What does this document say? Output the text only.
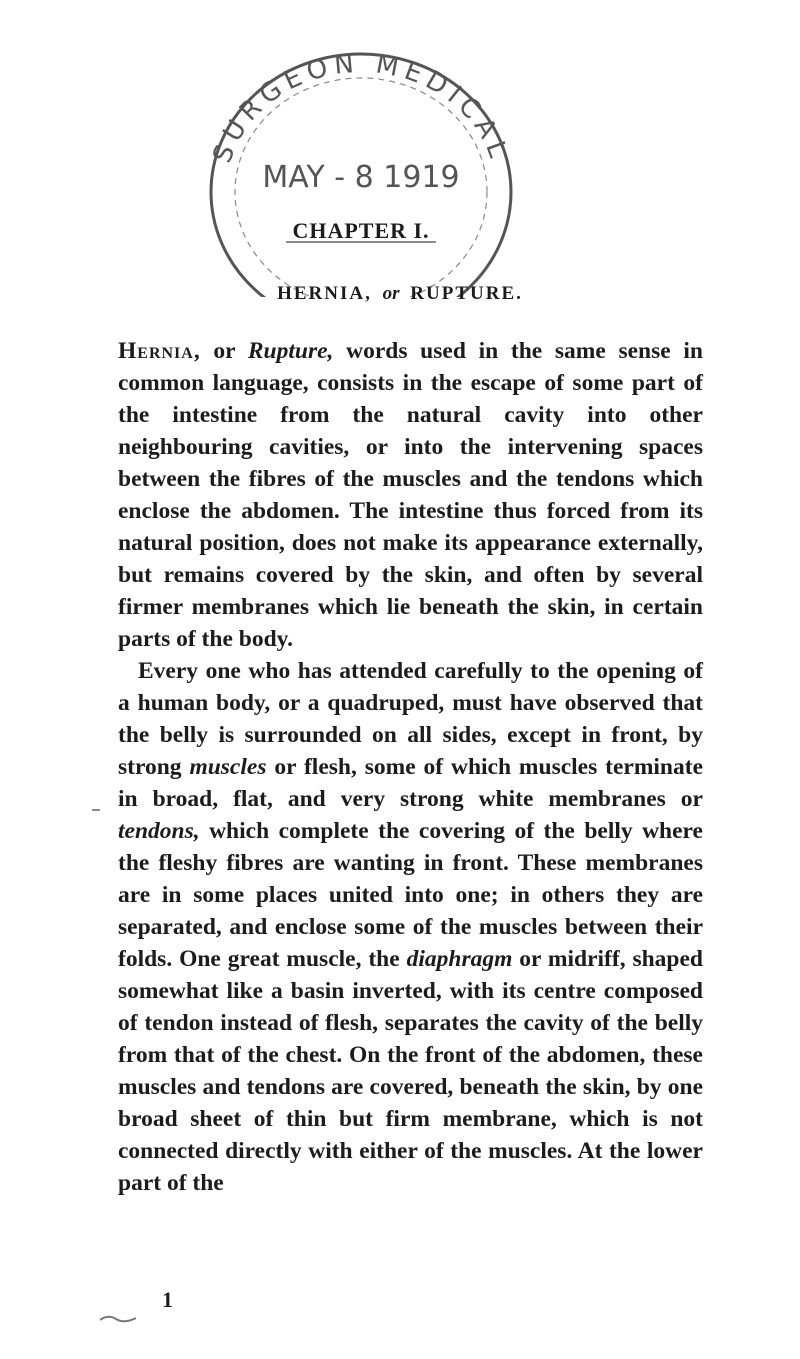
SURGEON MEDICAL
MAY - 8 1919
CHAPTER I.
HERNIA, or RUPTURE.

Hernia, or Rupture, words used in the same sense in common language, consists in the escape of some part of the intestine from the natural cavity into other neighbouring cavities, or into the intervening spaces between the fibres of the muscles and the tendons which enclose the abdomen. The intestine thus forced from its natural position, does not make its appearance externally, but remains covered by the skin, and often by several firmer membranes which lie beneath the skin, in certain parts of the body.

Every one who has attended carefully to the opening of a human body, or a quadruped, must have observed that the belly is surrounded on all sides, except in front, by strong muscles or flesh, some of which muscles terminate in broad, flat, and very strong white membranes or tendons, which complete the covering of the belly where the fleshy fibres are wanting in front. These membranes are in some places united into one; in others they are separated, and enclose some of the muscles between their folds. One great muscle, the diaphragm or midriff, shaped somewhat like a basin inverted, with its centre composed of tendon instead of flesh, separates the cavity of the belly from that of the chest. On the front of the abdomen, these muscles and tendons are covered, beneath the skin, by one broad sheet of thin but firm membrane, which is not connected directly with either of the muscles. At the lower part of the

1
